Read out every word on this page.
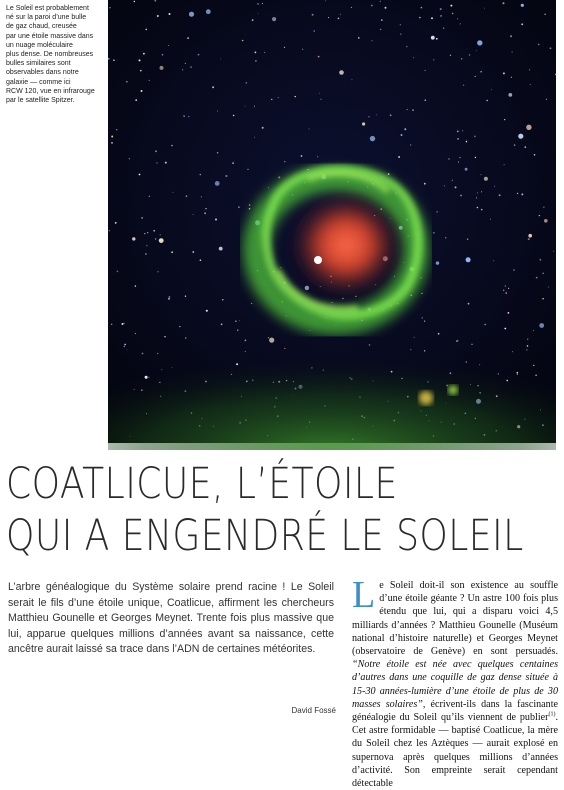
Le Soleil est probablement
né sur la paroi d’une bulle
de gaz chaud, creusée
par une étoile massive dans
un nuage moléculaire
plus dense. De nombreuses
bulles similaires sont
observables dans notre
galaxie — comme ici
RCW 120, vue en infrarouge
par le satellite Spitzer.
COATLICUE, L’ÉTOILE
QUI A ENGENDRÉ LE SOLEIL
L’arbre généalogique du Système solaire prend racine ! Le Soleil serait le fils d’une étoile unique, Coatlicue, affirment les chercheurs Matthieu Gounelle et Georges Meynet. Trente fois plus massive que lui, apparue quelques millions d’années avant sa naissance, cette ancêtre aurait laissé sa trace dans l’ADN de certaines météorites.
David Fossé
Le Soleil doit-il son existence au souffle d’une étoile géante ? Un astre 100 fois plus étendu que lui, qui a disparu voici 4,5 milliards d’années ? Matthieu Gounelle (Muséum national d’histoire naturelle) et Georges Meynet (observatoire de Genève) en sont persuadés. “Notre étoile est née avec quelques centaines d’autres dans une coquille de gaz dense située à 15-30 années-lumière d’une étoile de plus de 30 masses solaires”, écrivent-ils dans la fascinante généalogie du Soleil qu’ils viennent de publier$^{(1)}$. Cet astre formidable — baptisé Coatlicue, la mère du Soleil chez les Aztèques — aurait explosé en supernova après quelques millions d’années d’activité. Son empreinte serait cependant détectable
